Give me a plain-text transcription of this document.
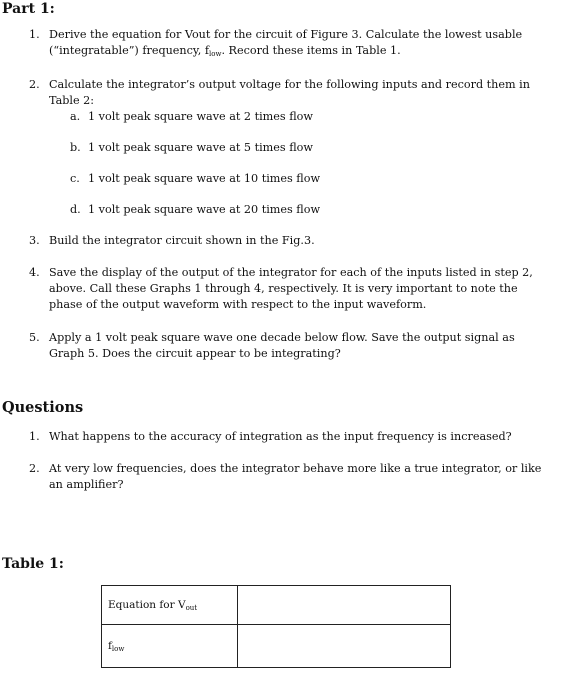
Part 1:
1. Derive the equation for Vout for the circuit of Figure 3. Calculate the lowest usable
(“integratable”) frequency, flow. Record these items in Table 1.
2. Calculate the integrator’s output voltage for the following inputs and record them in
Table 2:
a. 1 volt peak square wave at 2 times flow
b. 1 volt peak square wave at 5 times flow
c. 1 volt peak square wave at 10 times flow
d. 1 volt peak square wave at 20 times flow
3. Build the integrator circuit shown in the Fig.3.
4. Save the display of the output of the integrator for each of the inputs listed in step 2,
above. Call these Graphs 1 through 4, respectively. It is very important to note the
phase of the output waveform with respect to the input waveform.
5. Apply a 1 volt peak square wave one decade below flow. Save the output signal as
Graph 5. Does the circuit appear to be integrating?
Questions
1. What happens to the accuracy of integration as the input frequency is increased?
2. At very low frequencies, does the integrator behave more like a true integrator, or like
an amplifier?
Table 1:
Equation for Vout
flow
